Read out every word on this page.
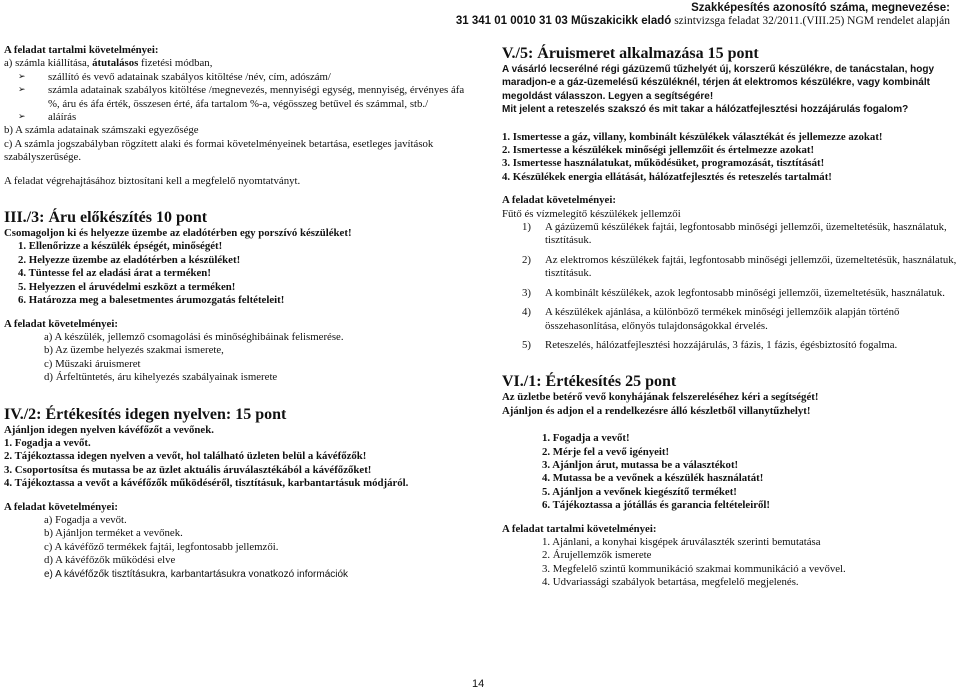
Szakképesítés azonosító száma, megnevezése:
31 341 01 0010 31 03 Műszakicikk eladó szintvizsga feladat 32/2011.(VIII.25) NGM rendelet alapján

A feladat tartalmi követelményei:

a) számla kiállítása, átutalásos fizetési módban,

➢ szállító és vevő adatainak szabályos kitöltése /név, cím, adószám/

➢ számla adatainak szabályos kitöltése /megnevezés, mennyiségi egység, mennyiség, érvényes áfa %, áru és áfa érték, összesen érté, áfa tartalom %-a, végösszeg betűvel és számmal, stb./

➢ aláírás

b) A számla adatainak számszaki egyezősége

c) A számla jogszabályban rögzített alaki és formai követelményeinek betartása, esetleges javítások szabályszerűsége.

A feladat végrehajtásához biztosítani kell a megfelelő nyomtatványt.

III./3: Áru előkészítés 10 pont

Csomagoljon ki és helyezze üzembe az eladótérben egy porszívó készüléket!

1. Ellenőrizze a készülék épségét, minőségét!

2. Helyezze üzembe az eladótérben a készüléket!

4. Tüntesse fel az eladási árat a terméken!

5. Helyezzen el áruvédelmi eszközt a terméken!

6. Határozza meg a balesetmentes árumozgatás feltételeit!

A feladat követelményei:

a) A készülék, jellemző csomagolási és minőséghibáinak felismerése.

b) Az üzembe helyezés szakmai ismerete,

c) Műszaki áruismeret

d) Árfeltüntetés, áru kihelyezés szabályainak ismerete

IV./2: Értékesítés idegen nyelven: 15 pont

Ajánljon idegen nyelven kávéfőzőt a vevőnek.

1. Fogadja a vevőt.

2. Tájékoztassa idegen nyelven a vevőt, hol található üzleten belül a kávéfőzők!

3. Csoportosítsa és mutassa be az üzlet aktuális áruválasztékából a kávéfőzőket!

4. Tájékoztassa a vevőt a kávéfőzők működéséről, tisztításuk, karbantartásuk módjáról.

A feladat követelményei:

a) Fogadja a vevőt.

b) Ajánljon terméket a vevőnek.

c) A kávéfőző termékek fajtái, legfontosabb jellemzői.

d) A kávéfőzők működési elve

e) A kávéfőzők tisztításukra, karbantartásukra vonatkozó információk

V./5: Áruismeret alkalmazása 15 pont

A vásárló lecserélné régi gázüzemű tűzhelyét új, korszerű készülékre, de tanácstalan, hogy maradjon-e a gáz-üzemelésű készüléknél, térjen át elektromos készülékre, vagy kombinált megoldást válasszon. Legyen a segítségére!

Mit jelent a reteszelés szakszó és mit takar a hálózatfejlesztési hozzájárulás fogalom?

1. Ismertesse a gáz, villany, kombinált készülékek választékát és jellemezze azokat!

2. Ismertesse a készülékek minőségi jellemzőit és értelmezze azokat!

3. Ismertesse használatukat, működésüket, programozását, tisztítását!

4. Készülékek energia ellátását, hálózatfejlesztés és reteszelés tartalmát!

A feladat követelményei:

Fűtő és vízmelegítő készülékek jellemzői

1) A gázüzemű készülékek fajtái, legfontosabb minőségi jellemzői, üzemeltetésük, használatuk, tisztításuk.

2) Az elektromos készülékek fajtái, legfontosabb minőségi jellemzői, üzemeltetésük, használatuk, tisztításuk.

3) A kombinált készülékek, azok legfontosabb minőségi jellemzői, üzemeltetésük, használatuk.

4) A készülékek ajánlása, a különböző termékek minőségi jellemzőik alapján történő összehasonlítása, előnyös tulajdonságokkal érvelés.

5) Reteszelés, hálózatfejlesztési hozzájárulás, 3 fázis, 1 fázis, égésbiztosító fogalma.

VI./1: Értékesítés 25 pont

Az üzletbe betérő vevő konyhájának felszereléséhez kéri a segítségét!

Ajánljon és adjon el a rendelkezésre álló készletből villanytűzhelyt!

1. Fogadja a vevőt!

2. Mérje fel a vevő igényeit!

3. Ajánljon árut, mutassa be a választékot!

4. Mutassa be a vevőnek a készülék használatát!

5. Ajánljon a vevőnek kiegészítő terméket!

6. Tájékoztassa a jótállás és garancia feltételeiről!

A feladat tartalmi követelményei:

1. Ajánlani, a konyhai kisgépek áruválaszték szerinti bemutatása

2. Árujellemzők ismerete

3. Megfelelő szintű kommunikáció szakmai kommunikáció a vevővel.

4. Udvariassági szabályok betartása, megfelelő megjelenés.

14
